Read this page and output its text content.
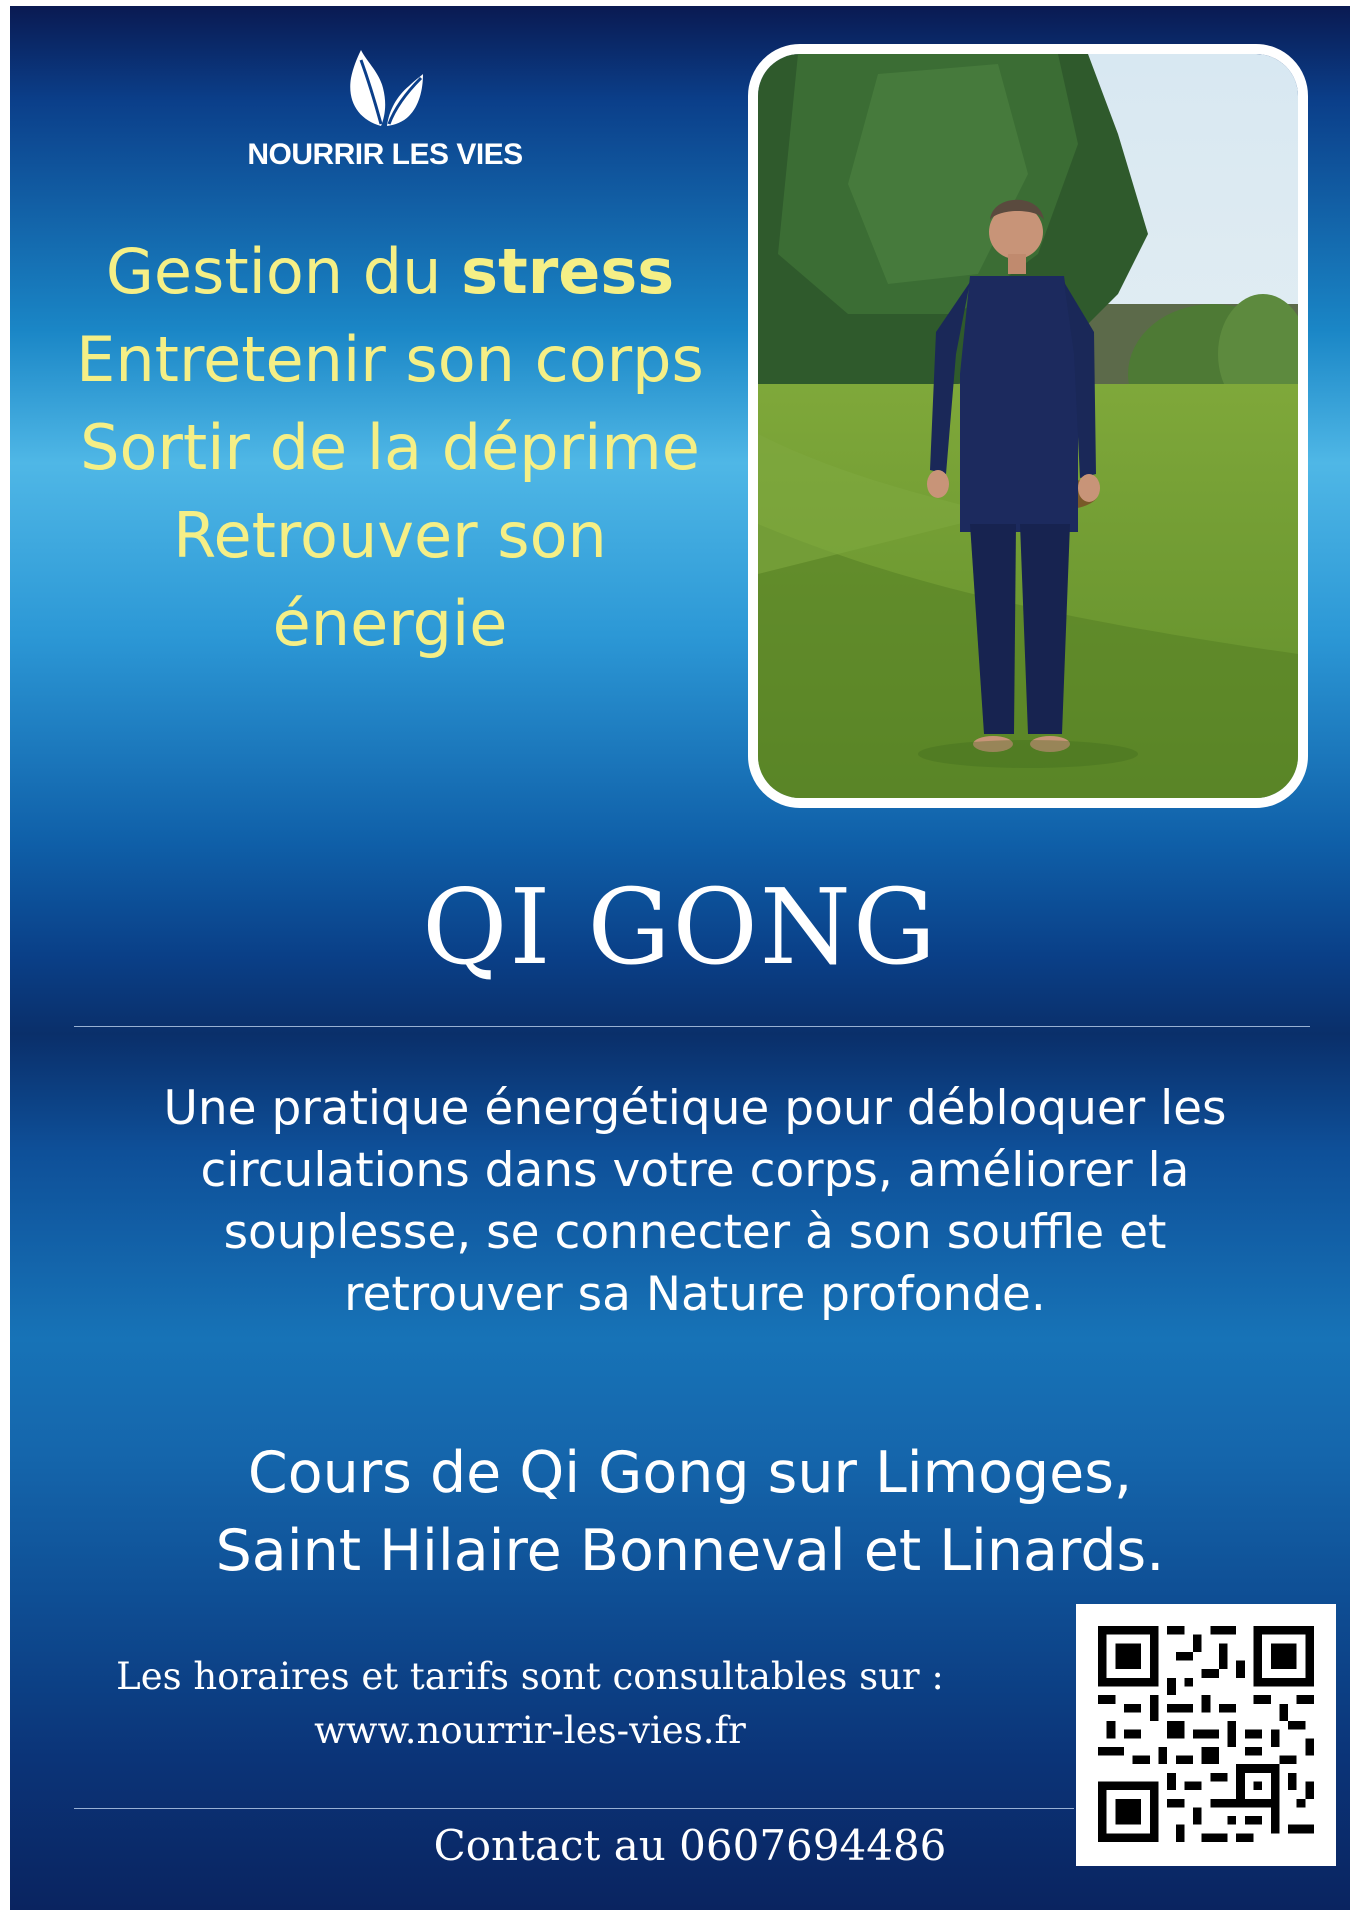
NOURRIR LES VIES
Gestion du stress
Entretenir son corps
Sortir de la déprime
Retrouver son
énergie
QI GONG
Une pratique énergétique pour débloquer les
circulations dans votre corps, améliorer la
souplesse, se connecter à son souffle et
retrouver sa Nature profonde.
Cours de Qi Gong sur Limoges,
Saint Hilaire Bonneval et Linards.
Les horaires et tarifs sont consultables sur :
www.nourrir-les-vies.fr
Contact au 0607694486
